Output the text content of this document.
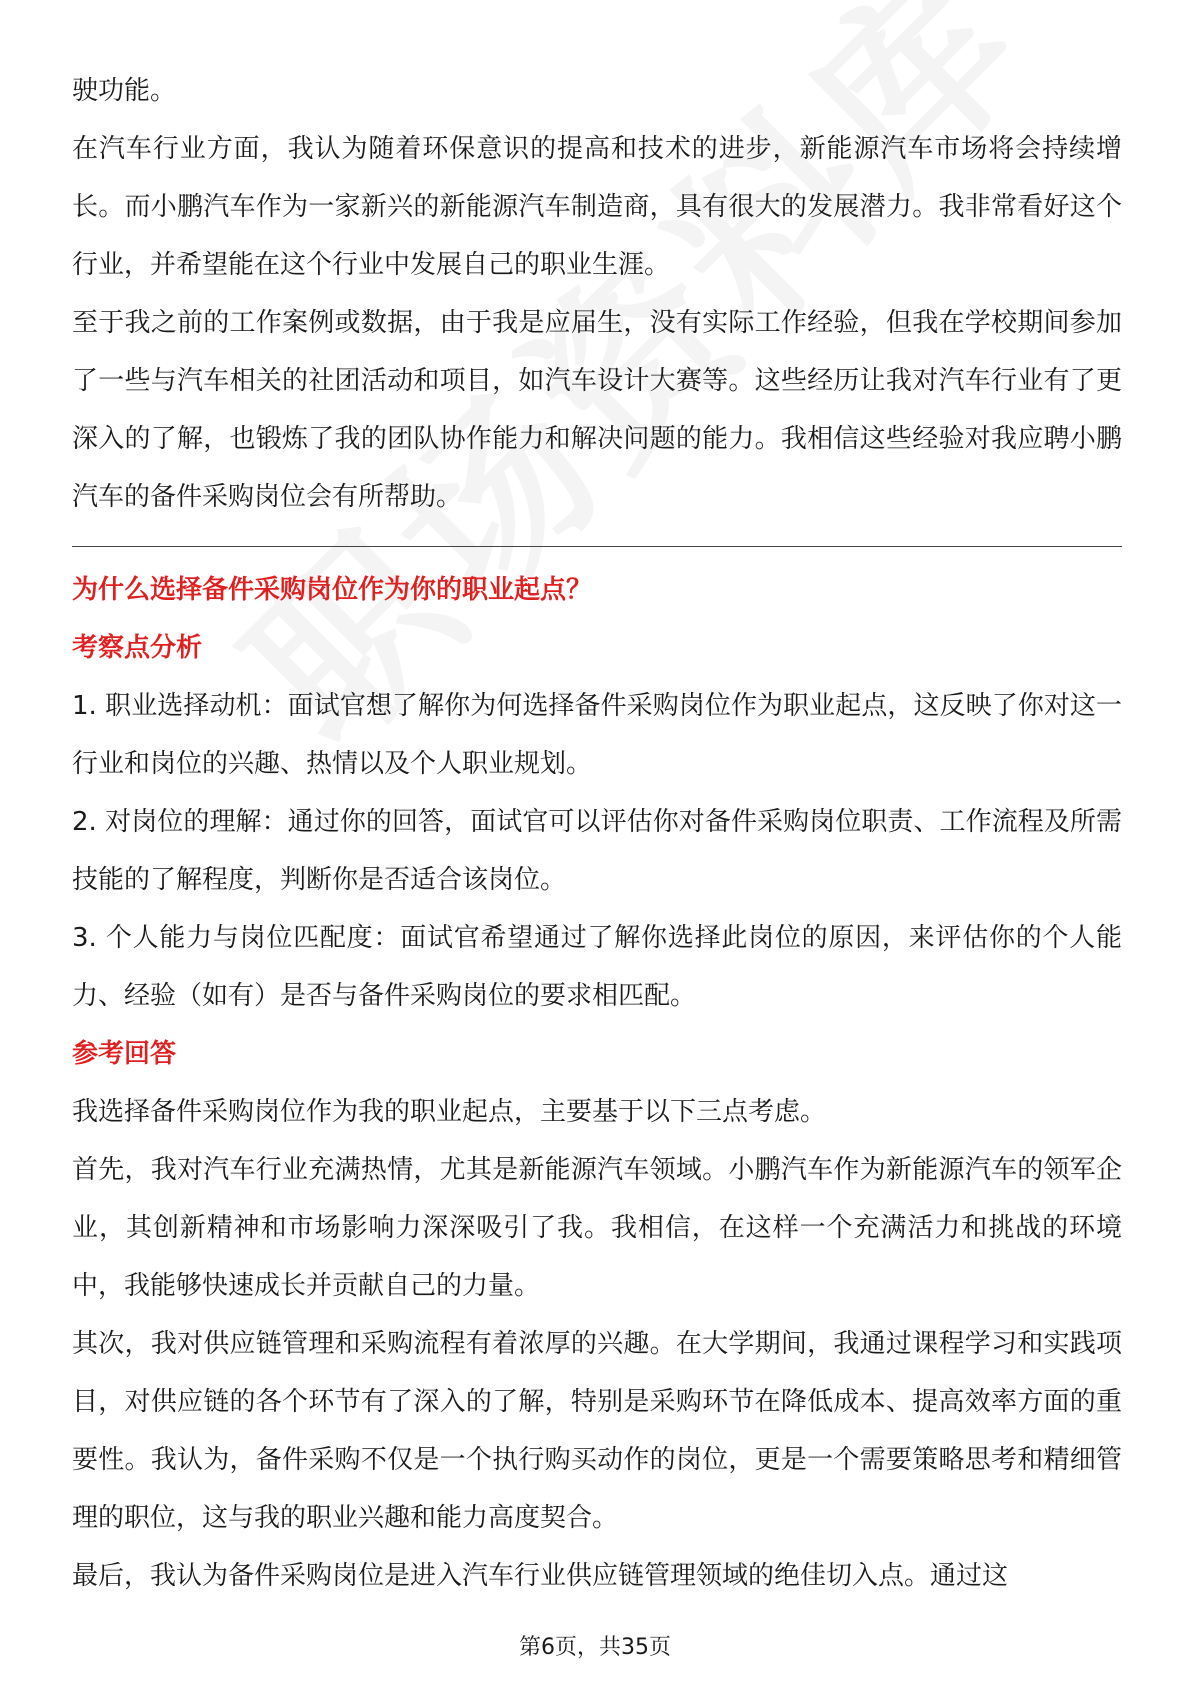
驶功能。

在汽车行业方面，我认为随着环保意识的提高和技术的进步，新能源汽车市场将会持续增长。而小鹏汽车作为一家新兴的新能源汽车制造商，具有很大的发展潜力。我非常看好这个行业，并希望能在这个行业中发展自己的职业生涯。

至于我之前的工作案例或数据，由于我是应届生，没有实际工作经验，但我在学校期间参加了一些与汽车相关的社团活动和项目，如汽车设计大赛等。这些经历让我对汽车行业有了更深入的了解，也锻炼了我的团队协作能力和解决问题的能力。我相信这些经验对我应聘小鹏汽车的备件采购岗位会有所帮助。

为什么选择备件采购岗位作为你的职业起点？

考察点分析

1. 职业选择动机：面试官想了解你为何选择备件采购岗位作为职业起点，这反映了你对这一行业和岗位的兴趣、热情以及个人职业规划。

2. 对岗位的理解：通过你的回答，面试官可以评估你对备件采购岗位职责、工作流程及所需技能的了解程度，判断你是否适合该岗位。

3. 个人能力与岗位匹配度：面试官希望通过了解你选择此岗位的原因，来评估你的个人能力、经验（如有）是否与备件采购岗位的要求相匹配。

参考回答

我选择备件采购岗位作为我的职业起点，主要基于以下三点考虑。

首先，我对汽车行业充满热情，尤其是新能源汽车领域。小鹏汽车作为新能源汽车的领军企业，其创新精神和市场影响力深深吸引了我。我相信，在这样一个充满活力和挑战的环境中，我能够快速成长并贡献自己的力量。

其次，我对供应链管理和采购流程有着浓厚的兴趣。在大学期间，我通过课程学习和实践项目，对供应链的各个环节有了深入的了解，特别是采购环节在降低成本、提高效率方面的重要性。我认为，备件采购不仅是一个执行购买动作的岗位，更是一个需要策略思考和精细管理的职位，这与我的职业兴趣和能力高度契合。

最后，我认为备件采购岗位是进入汽车行业供应链管理领域的绝佳切入点。通过这

第6页，共35页
